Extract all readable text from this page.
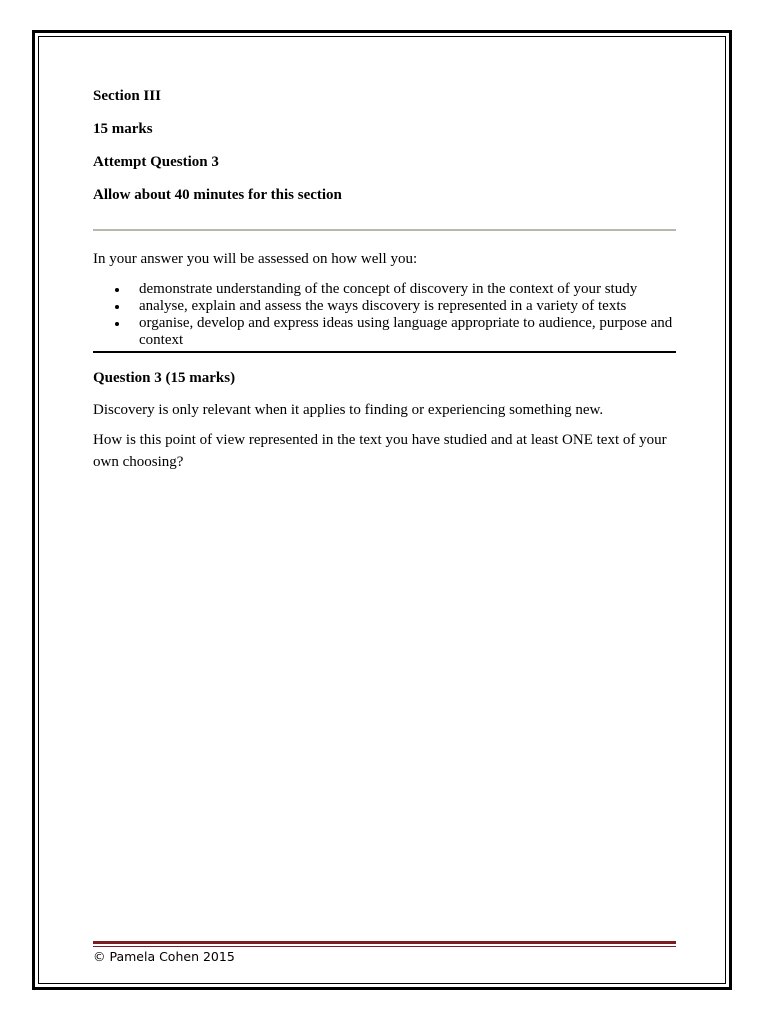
Section III

15 marks

Attempt Question 3

Allow about 40 minutes for this section

In your answer you will be assessed on how well you:

demonstrate understanding of the concept of discovery in the context of your study
analyse, explain and assess the ways discovery is represented in a variety of texts
organise, develop and express ideas using language appropriate to audience, purpose and context

Question 3 (15 marks)

Discovery is only relevant when it applies to finding or experiencing something new.

How is this point of view represented in the text you have studied and at least ONE text of your own choosing?

© Pamela Cohen 2015
